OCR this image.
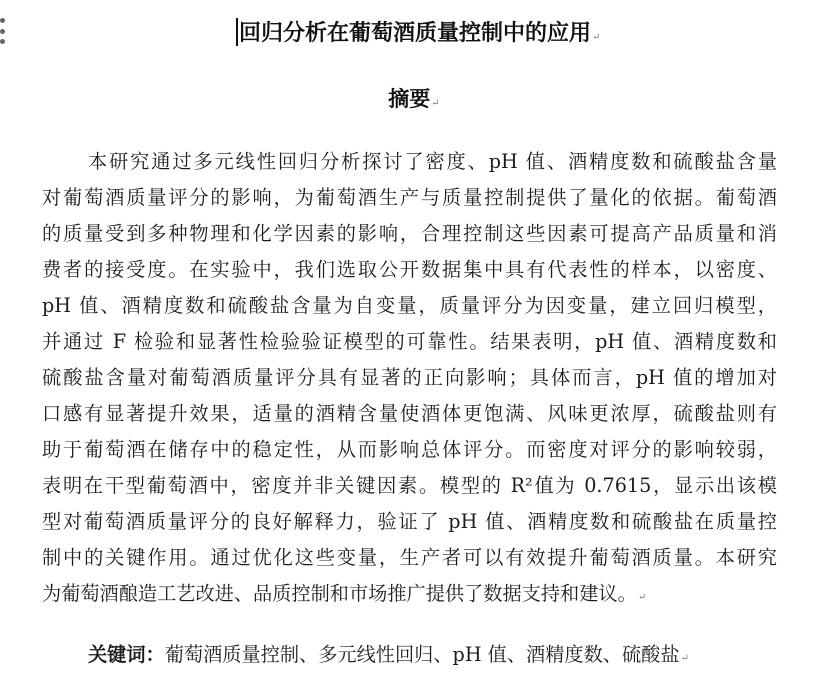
回归分析在葡萄酒质量控制中的应用↵
摘要↵
本研究通过多元线性回归分析探讨了密度、pH 值、酒精度数和硫酸盐含量
对葡萄酒质量评分的影响，为葡萄酒生产与质量控制提供了量化的依据。葡萄酒
的质量受到多种物理和化学因素的影响，合理控制这些因素可提高产品质量和消
费者的接受度。在实验中，我们选取公开数据集中具有代表性的样本，以密度、
pH 值、酒精度数和硫酸盐含量为自变量，质量评分为因变量，建立回归模型，
并通过 F 检验和显著性检验验证模型的可靠性。结果表明，pH 值、酒精度数和
硫酸盐含量对葡萄酒质量评分具有显著的正向影响；具体而言，pH 值的增加对
口感有显著提升效果，适量的酒精含量使酒体更饱满、风味更浓厚，硫酸盐则有
助于葡萄酒在储存中的稳定性，从而影响总体评分。而密度对评分的影响较弱，
表明在干型葡萄酒中，密度并非关键因素。模型的 R²值为 0.7615，显示出该模
型对葡萄酒质量评分的良好解释力，验证了 pH 值、酒精度数和硫酸盐在质量控
制中的关键作用。通过优化这些变量，生产者可以有效提升葡萄酒质量。本研究
为葡萄酒酿造工艺改进、品质控制和市场推广提供了数据支持和建议。↵
关键词：葡萄酒质量控制、多元线性回归、pH 值、酒精度数、硫酸盐↵
